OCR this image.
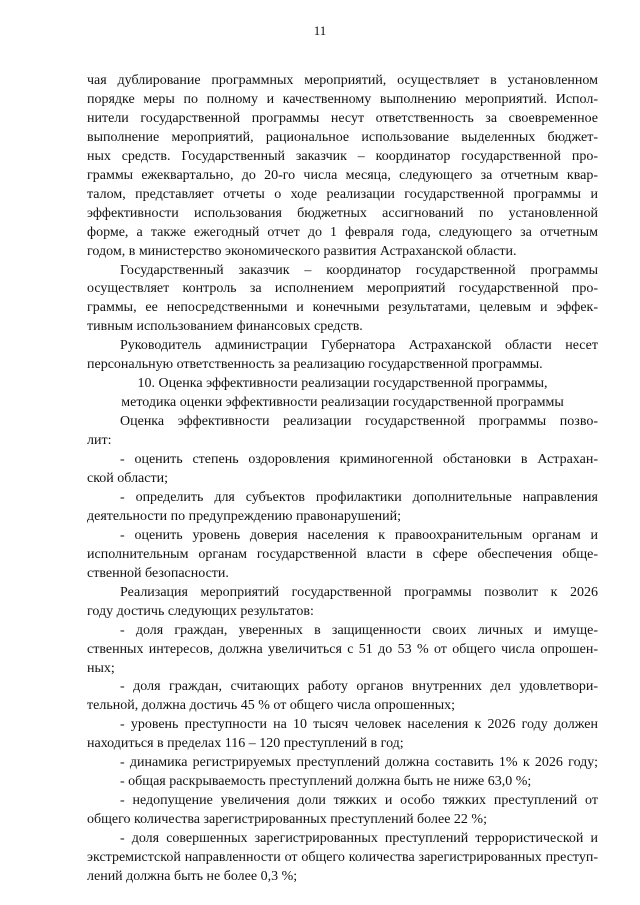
11

чая дублирование программных мероприятий, осуществляет в установленном

порядке меры по полному и качественному выполнению мероприятий. Испол-

нители государственной программы несут ответственность за своевременное

выполнение мероприятий, рациональное использование выделенных бюджет-

ных средств. Государственный заказчик – координатор государственной про-

граммы ежеквартально, до 20-го числа месяца, следующего за отчетным квар-

талом, представляет отчеты о ходе реализации государственной программы и

эффективности использования бюджетных ассигнований по установленной

форме, а также ежегодный отчет до 1 февраля года, следующего за отчетным

годом, в министерство экономического развития Астраханской области.

Государственный заказчик – координатор государственной программы

осуществляет контроль за исполнением мероприятий государственной про-

граммы, ее непосредственными и конечными результатами, целевым и эффек-

тивным использованием финансовых средств.

Руководитель администрации Губернатора Астраханской области несет

персональную ответственность за реализацию государственной программы.

10. Оценка эффективности реализации государственной программы,

методика оценки эффективности реализации государственной программы

Оценка эффективности реализации государственной программы позво-

лит:

- оценить степень оздоровления криминогенной обстановки в Астрахан-

ской области;

- определить для субъектов профилактики дополнительные направления

деятельности по предупреждению правонарушений;

- оценить уровень доверия населения к правоохранительным органам и

исполнительным органам государственной власти в сфере обеспечения обще-

ственной безопасности.

Реализация мероприятий государственной программы позволит к 2026

году достичь следующих результатов:

- доля граждан, уверенных в защищенности своих личных и имуще-

ственных интересов, должна увеличиться с 51 до 53 % от общего числа опрошен-

ных;

- доля граждан, считающих работу органов внутренних дел удовлетвори-

тельной, должна достичь 45 % от общего числа опрошенных;

- уровень преступности на 10 тысяч человек населения к 2026 году должен

находиться в пределах 116 – 120 преступлений в год;

- динамика регистрируемых преступлений должна составить 1% к 2026 году;

- общая раскрываемость преступлений должна быть не ниже 63,0 %;

- недопущение увеличения доли тяжких и особо тяжких преступлений от

общего количества зарегистрированных преступлений более 22 %;

- доля совершенных зарегистрированных преступлений террористической и

экстремистской направленности от общего количества зарегистрированных преступ-

лений должна быть не более 0,3 %;
